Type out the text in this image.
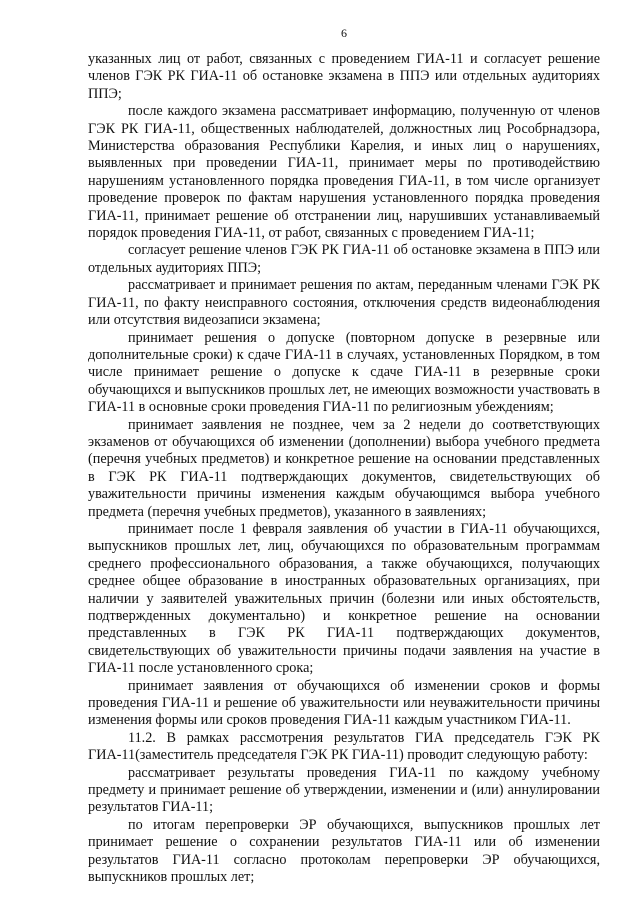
6

указанных лиц от работ, связанных с проведением ГИА-11 и согласует решение членов ГЭК РК ГИА-11 об остановке экзамена в ППЭ или отдельных аудиториях ППЭ;

после каждого экзамена рассматривает информацию, полученную от членов ГЭК РК ГИА-11, общественных наблюдателей, должностных лиц Рособрнадзора, Министерства образования Республики Карелия, и иных лиц о нарушениях, выявленных при проведении ГИА-11, принимает меры по противодействию нарушениям установленного порядка проведения ГИА-11, в том числе организует проведение проверок по фактам нарушения установленного порядка проведения ГИА-11, принимает решение об отстранении лиц, нарушивших устанавливаемый порядок проведения ГИА-11, от работ, связанных с проведением ГИА-11;

согласует решение членов ГЭК РК ГИА-11 об остановке экзамена в ППЭ или отдельных аудиториях ППЭ;

рассматривает и принимает решения по актам, переданным членами ГЭК РК ГИА-11, по факту неисправного состояния, отключения средств видеонаблюдения или отсутствия видеозаписи экзамена;

принимает решения о допуске (повторном допуске в резервные или дополнительные сроки) к сдаче ГИА-11 в случаях, установленных Порядком, в том числе принимает решение о допуске к сдаче ГИА-11 в резервные сроки обучающихся и выпускников прошлых лет, не имеющих возможности участвовать в ГИА-11 в основные сроки проведения ГИА-11 по религиозным убеждениям;

принимает заявления не позднее, чем за 2 недели до соответствующих экзаменов от обучающихся об изменении (дополнении) выбора учебного предмета (перечня учебных предметов) и конкретное решение на основании представленных в ГЭК РК ГИА-11 подтверждающих документов, свидетельствующих об уважительности причины изменения каждым обучающимся выбора учебного предмета (перечня учебных предметов), указанного в заявлениях;

принимает после 1 февраля заявления об участии в ГИА-11 обучающихся, выпускников прошлых лет, лиц, обучающихся по образовательным программам среднего профессионального образования, а также обучающихся, получающих среднее общее образование в иностранных образовательных организациях, при наличии у заявителей уважительных причин (болезни или иных обстоятельств, подтвержденных документально) и конкретное решение на основании представленных в ГЭК РК ГИА-11 подтверждающих документов, свидетельствующих об уважительности причины подачи заявления на участие в ГИА-11 после установленного срока;

принимает заявления от обучающихся об изменении сроков и формы проведения ГИА-11 и решение об уважительности или неуважительности причины изменения формы или сроков проведения ГИА-11 каждым участником ГИА-11.

11.2. В рамках рассмотрения результатов ГИА председатель ГЭК РК ГИА-11(заместитель председателя ГЭК РК ГИА-11) проводит следующую работу:

рассматривает результаты проведения ГИА-11 по каждому учебному предмету и принимает решение об утверждении, изменении и (или) аннулировании результатов ГИА-11;

по итогам перепроверки ЭР обучающихся, выпускников прошлых лет принимает решение о сохранении результатов ГИА-11 или об изменении результатов ГИА-11 согласно протоколам перепроверки ЭР обучающихся, выпускников прошлых лет;
